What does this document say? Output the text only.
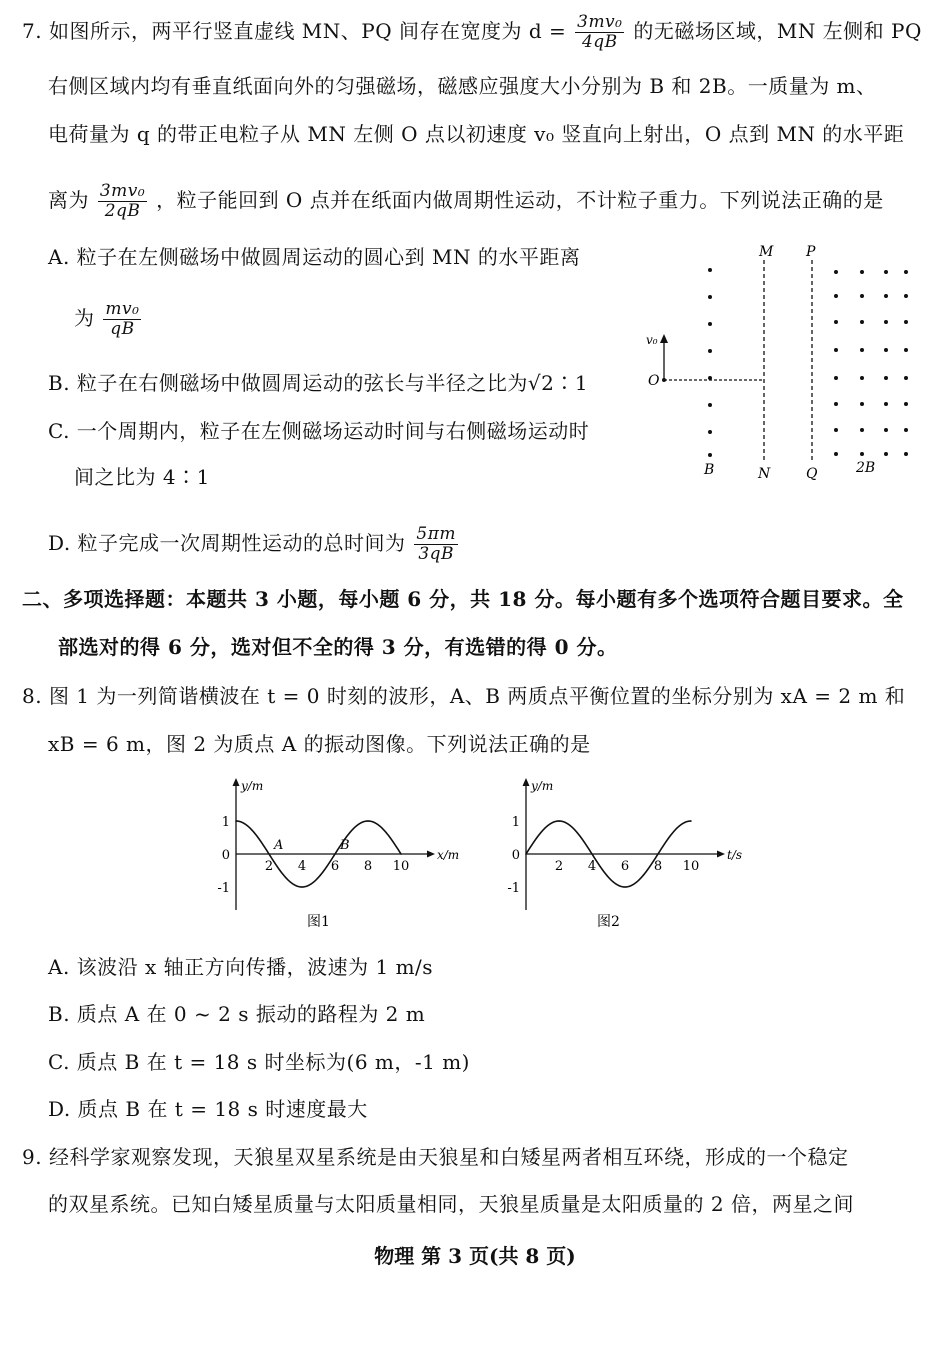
7. 如图所示，两平行竖直虚线 MN、PQ 间存在宽度为 $d = \frac{\text{3mv₀}}{4qB}$ 的无磁场区域，MN 左侧和 PQ
右侧区域内均有垂直纸面向外的匀强磁场，磁感应强度大小分别为 B 和 2B。一质量为 m、
电荷量为 q 的带正电粒子从 MN 左侧 O 点以初速度 v₀ 竖直向上射出，O 点到 MN 的水平距
离为 $\frac{\text{3mv₀}}{2qB}$ ，粒子能回到 O 点并在纸面内做周期性运动，不计粒子重力。下列说法正确的是
A. 粒子在左侧磁场中做圆周运动的圆心到 MN 的水平距离
为 $\frac{\text{mv₀}}{qB}$
B. 粒子在右侧磁场中做圆周运动的弦长与半径之比为√2∶1
C. 一个周期内，粒子在左侧磁场运动时间与右侧磁场运动时
间之比为 4∶1
D. 粒子完成一次周期性运动的总时间为 $\frac{5\pi m}{3qB}$
M P
N	Q
O
v₀
B	2B
二、多项选择题：本题共 3 小题，每小题 6 分，共 18 分。每小题有多个选项符合题目要求。全
部选对的得 6 分，选对但不全的得 3 分，有选错的得 0 分。
8. 图 1 为一列简谐横波在 t = 0 时刻的波形，A、B 两质点平衡位置的坐标分别为 xA = 2 m 和
xB = 6 m，图 2 为质点 A 的振动图像。下列说法正确的是
y/m
x/m
1
0
-1
2 4 6 8 10
A	B
图1
y/m
t/s
1
0
-1
2 4 6 8 10
图2
A. 该波沿 x 轴正方向传播，波速为 1 m/s
B. 质点 A 在 0 ~ 2 s 振动的路程为 2 m
C. 质点 B 在 t = 18 s 时坐标为(6 m，-1 m)
D. 质点 B 在 t = 18 s 时速度最大
9. 经科学家观察发现，天狼星双星系统是由天狼星和白矮星两者相互环绕，形成的一个稳定
的双星系统。已知白矮星质量与太阳质量相同，天狼星质量是太阳质量的 2 倍，两星之间
物理 第 3 页(共 8 页)
